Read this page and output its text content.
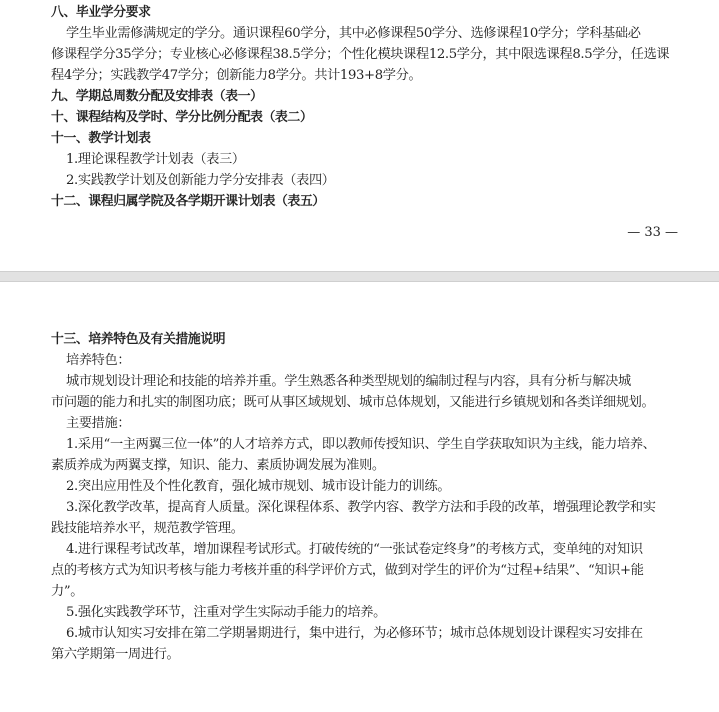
八、毕业学分要求

学生毕业需修满规定的学分。通识课程60学分，其中必修课程50学分、选修课程10学分；学科基础必

修课程学分35学分；专业核心必修课程38.5学分；个性化模块课程12.5学分，其中限选课程8.5学分，任选课

程4学分；实践教学47学分；创新能力8学分。共计193+8学分。

九、学期总周数分配及安排表（表一）

十、课程结构及学时、学分比例分配表（表二）

十一、教学计划表

1.理论课程教学计划表（表三）

2.实践教学计划及创新能力学分安排表（表四）

十二、课程归属学院及各学期开课计划表（表五）

— 33 —

十三、培养特色及有关措施说明

培养特色：

城市规划设计理论和技能的培养并重。学生熟悉各种类型规划的编制过程与内容，具有分析与解决城

市问题的能力和扎实的制图功底；既可从事区域规划、城市总体规划，又能进行乡镇规划和各类详细规划。

主要措施：

1.采用“一主两翼三位一体”的人才培养方式，即以教师传授知识、学生自学获取知识为主线，能力培养、

素质养成为两翼支撑，知识、能力、素质协调发展为准则。

2.突出应用性及个性化教育，强化城市规划、城市设计能力的训练。

3.深化教学改革，提高育人质量。深化课程体系、教学内容、教学方法和手段的改革，增强理论教学和实

践技能培养水平，规范教学管理。

4.进行课程考试改革，增加课程考试形式。打破传统的“一张试卷定终身”的考核方式，变单纯的对知识

点的考核方式为知识考核与能力考核并重的科学评价方式，做到对学生的评价为“过程+结果”、“知识+能

力”。

5.强化实践教学环节，注重对学生实际动手能力的培养。

6.城市认知实习安排在第二学期暑期进行，集中进行，为必修环节；城市总体规划设计课程实习安排在

第六学期第一周进行。
